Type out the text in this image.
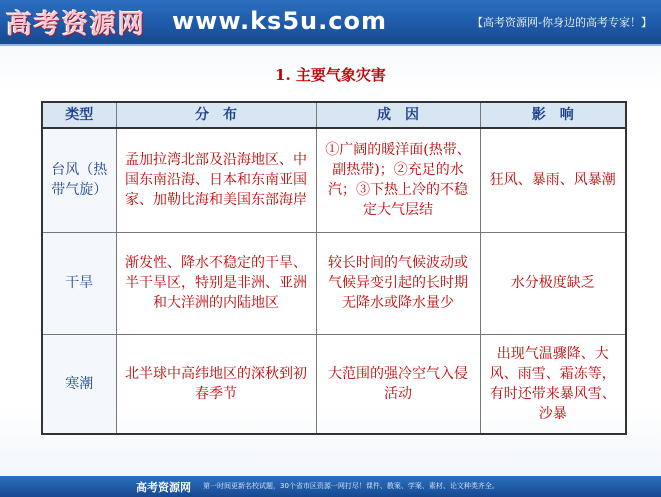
高考资源网 www.ks5u.com	【高考资源网-你身边的高考专家！】
1. 主要气象灾害
类型	分　布	成　因	影　响
台风（热带气旋）	孟加拉湾北部及沿海地区、中国东南沿海、日本和东南亚国家、加勒比海和美国东部海岸	①广阔的暖洋面(热带、副热带)；②充足的水汽；③下热上冷的不稳定大气层结	狂风、暴雨、风暴潮
干旱	渐发性、降水不稳定的干旱、半干旱区，特别是非洲、亚洲和大洋洲的内陆地区	较长时间的气候波动或气候异变引起的长时期无降水或降水量少	水分极度缺乏
寒潮	北半球中高纬地区的深秋到初春季节	大范围的强冷空气入侵活动	出现气温骤降、大风、雨雪、霜冻等，有时还带来暴风雪、沙暴
高考资源网 第一时间更新名校试题，30个省市区资源一网打尽！课件、教案、学案、素材、论文种类齐全。
